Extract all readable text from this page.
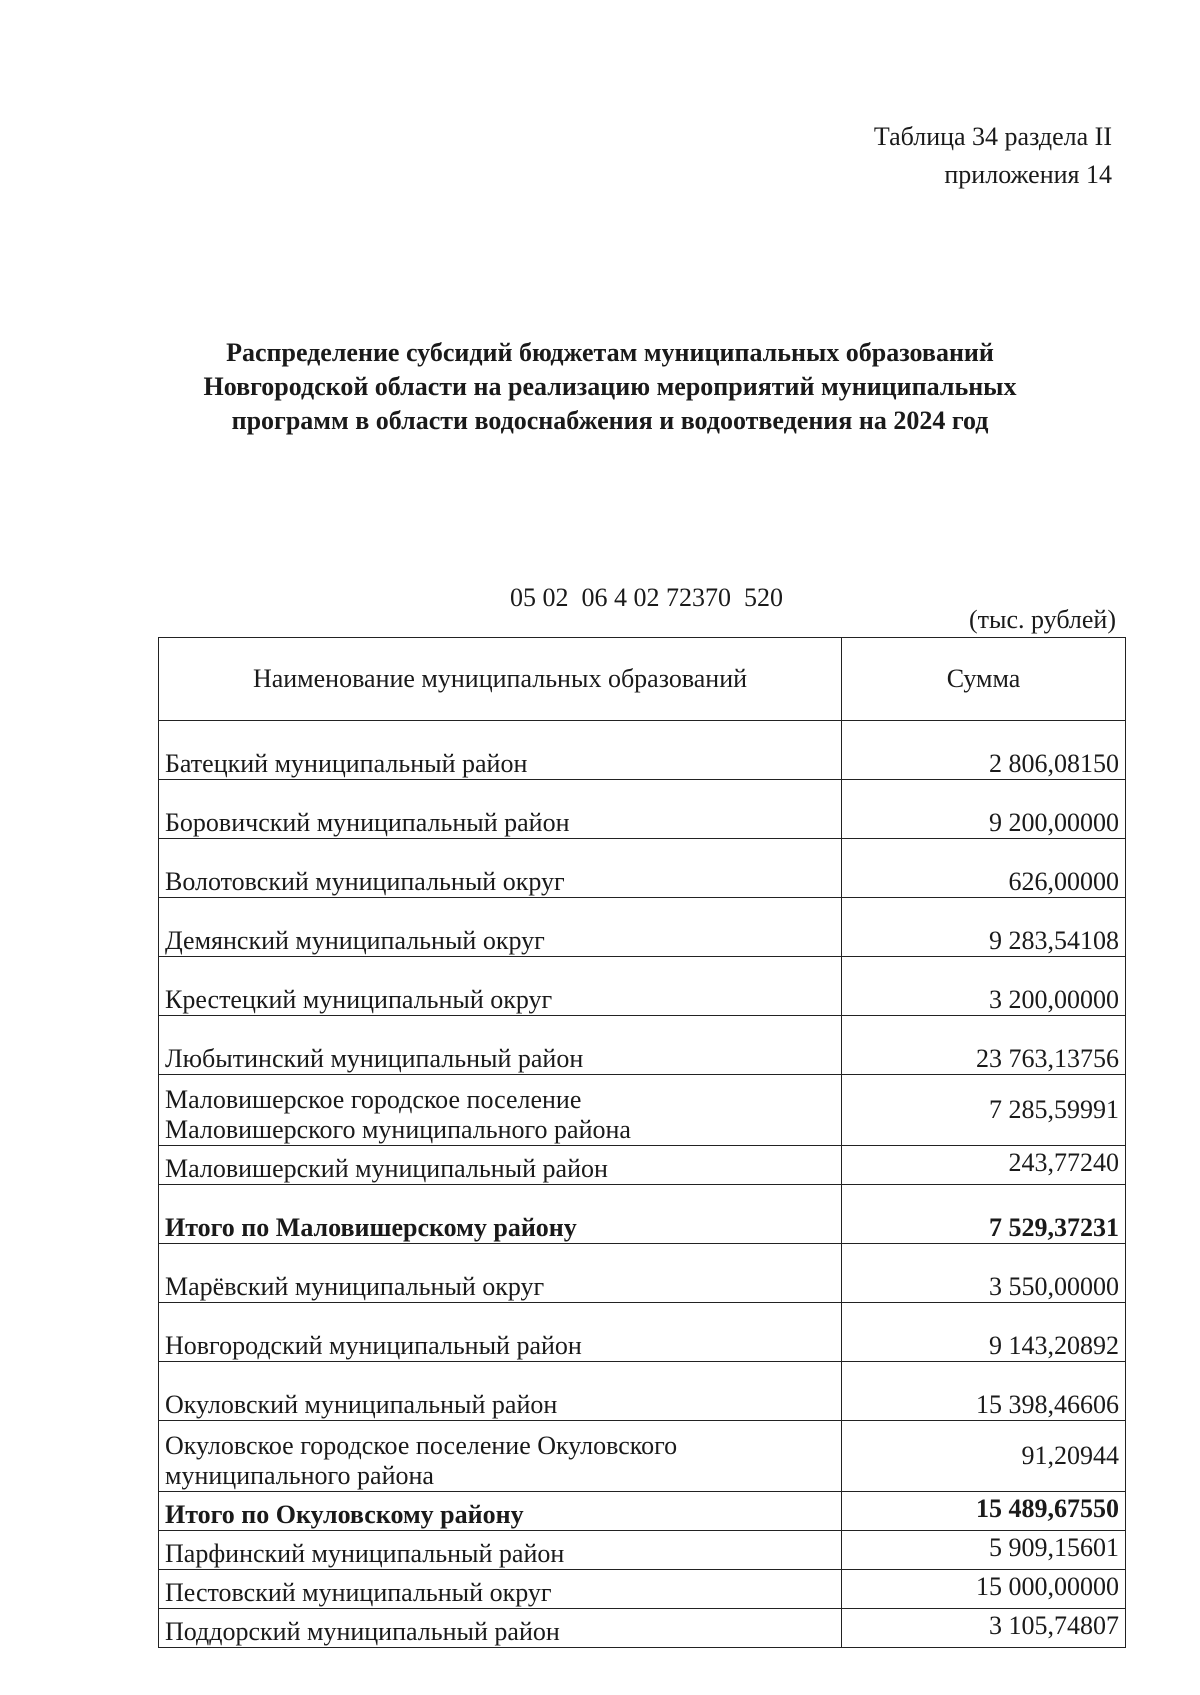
Таблица 34 раздела II
приложения 14
Распределение субсидий бюджетам муниципальных образований
Новгородской области на реализацию мероприятий муниципальных
программ в области водоснабжения и водоотведения на 2024 год

05 02  06 4 02 72370  520

(тыс. рублей)
Наименование муниципальных образований	Сумма
Батецкий муниципальный район	2 806,08150
Боровичский муниципальный район	9 200,00000
Волотовский муниципальный округ	626,00000
Демянский муниципальный округ	9 283,54108
Крестецкий муниципальный округ	3 200,00000
Любытинский муниципальный район	23 763,13756

Маловишерское городское поселение
Маловишерского муниципального района	7 285,59991
Маловишерский муниципальный район	243,77240
Итого по Маловишерскому району	7 529,37231
Марёвский муниципальный округ	3 550,00000
Новгородский муниципальный район	9 143,20892
Окуловский муниципальный район	15 398,46606

Окуловское городское поселение Окуловского
муниципального района	91,20944
Итого по Окуловскому району	15 489,67550
Парфинский муниципальный район	5 909,15601
Пестовский муниципальный округ	15 000,00000
Поддорский муниципальный район	3 105,74807
